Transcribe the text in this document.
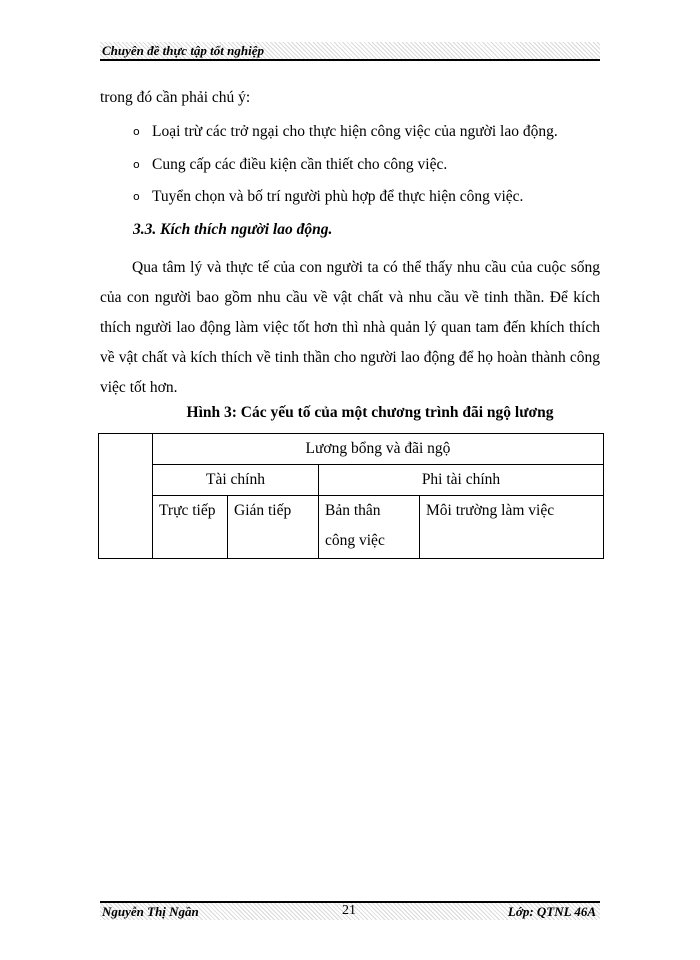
Chuyên đề thực tập tốt nghiệp
trong đó cần phải chú ý:
o Loại trừ các trở ngại cho thực hiện công việc của người lao động.
o Cung cấp các điều kiện cần thiết cho công việc.
o Tuyển chọn và bố trí người phù hợp để thực hiện công việc.
3.3. Kích thích người lao động.
Qua tâm lý và thực tế của con người ta có thể thấy nhu cầu của cuộc sống của con người bao gồm nhu cầu về vật chất và nhu cầu về tinh thần. Để kích thích người lao động làm việc tốt hơn thì nhà quản lý quan tam đến khích thích về vật chất và kích thích về tinh thần cho người lao động để họ hoàn thành công việc tốt hơn.
Hình 3: Các yếu tố của một chương trình đãi ngộ lương
	Lương bổng và đãi ngộ			
	Tài chính		Phi tài chính	
	Trực tiếp	Gián tiếp	Bản thân công việc	Môi trường làm việc
Nguyễn Thị Ngần	21	Lớp: QTNL 46A
